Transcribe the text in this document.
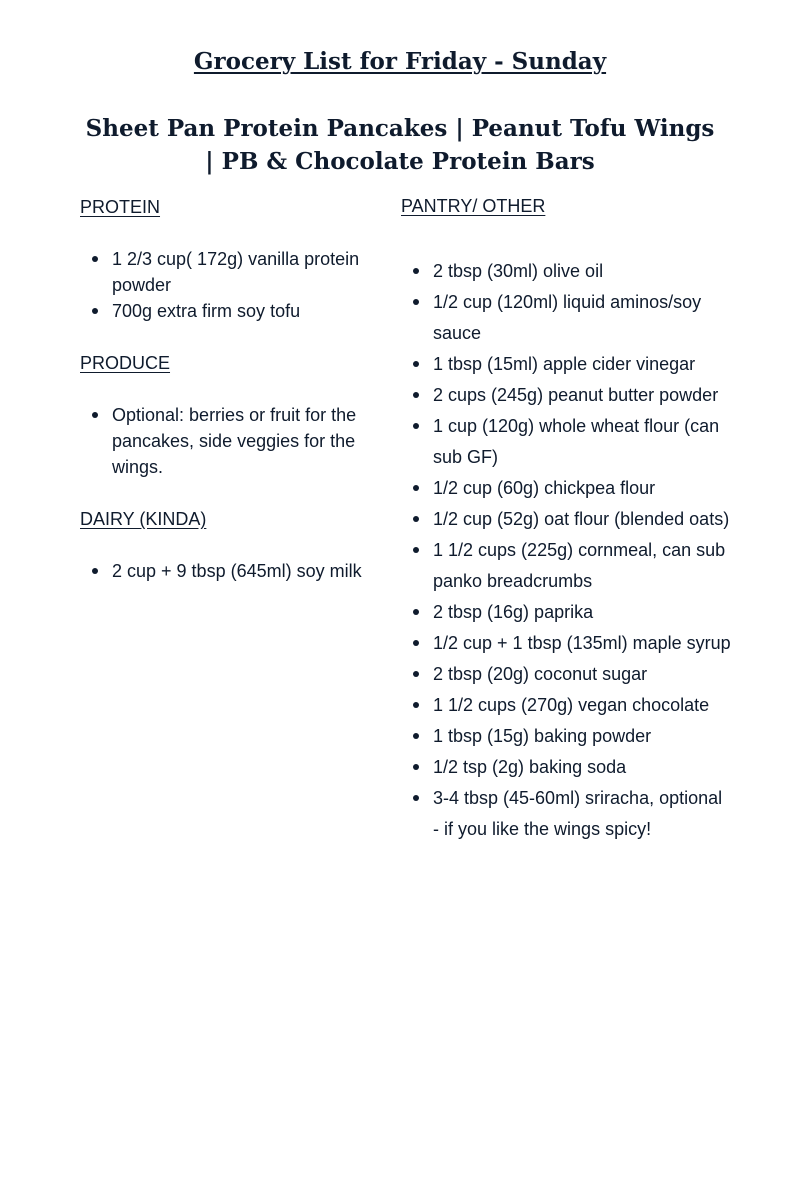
Grocery List for Friday - Sunday
Sheet Pan Protein Pancakes | Peanut Tofu Wings | PB & Chocolate Protein Bars
PROTEIN
1 2/3 cup( 172g) vanilla protein powder
700g extra firm soy tofu
PRODUCE
Optional: berries or fruit for the pancakes, side veggies for the wings.
DAIRY (KINDA)
2 cup + 9 tbsp (645ml) soy milk
PANTRY/ OTHER
2 tbsp (30ml) olive oil
1/2 cup (120ml) liquid aminos/soy sauce
1 tbsp (15ml) apple cider vinegar
2 cups (245g) peanut butter powder
1 cup (120g) whole wheat flour (can sub GF)
1/2 cup (60g) chickpea flour
1/2 cup (52g) oat flour (blended oats)
1 1/2 cups (225g) cornmeal, can sub panko breadcrumbs
2 tbsp (16g) paprika
1/2 cup + 1 tbsp (135ml) maple syrup
2 tbsp (20g) coconut sugar
1 1/2 cups (270g) vegan chocolate
1 tbsp (15g) baking powder
1/2 tsp (2g) baking soda
3-4 tbsp (45-60ml) sriracha, optional - if you like the wings spicy!
